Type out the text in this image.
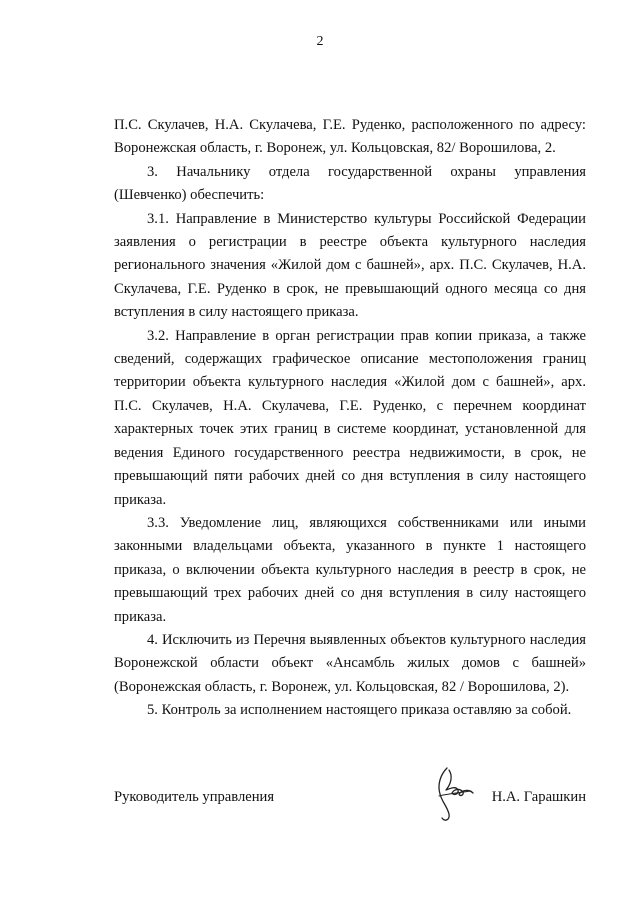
2

П.С. Скулачев, Н.А. Скулачева, Г.Е. Руденко, расположенного по адресу: Воронежская область, г. Воронеж, ул. Кольцовская, 82/ Ворошилова, 2.

3. Начальнику отдела государственной охраны управления (Шевченко) обеспечить:

3.1. Направление в Министерство культуры Российской Федерации заявления о регистрации в реестре объекта культурного наследия регионального значения «Жилой дом с башней», арх. П.С. Скулачев, Н.А. Скулачева, Г.Е. Руденко в срок, не превышающий одного месяца со дня вступления в силу настоящего приказа.

3.2. Направление в орган регистрации прав копии приказа, а также сведений, содержащих графическое описание местоположения границ территории объекта культурного наследия «Жилой дом с башней», арх. П.С. Скулачев, Н.А. Скулачева, Г.Е. Руденко, с перечнем координат характерных точек этих границ в системе координат, установленной для ведения Единого государственного реестра недвижимости, в срок, не превышающий пяти рабочих дней со дня вступления в силу настоящего приказа.

3.3. Уведомление лиц, являющихся собственниками или иными законными владельцами объекта, указанного в пункте 1 настоящего приказа, о включении объекта культурного наследия в реестр в срок, не превышающий трех рабочих дней со дня вступления в силу настоящего приказа.

4. Исключить из Перечня выявленных объектов культурного наследия Воронежской области объект «Ансамбль жилых домов с башней» (Воронежская область, г. Воронеж, ул. Кольцовская, 82 / Ворошилова, 2).

5. Контроль за исполнением настоящего приказа оставляю за собой.

Руководитель управления	Н.А. Гарашкин
